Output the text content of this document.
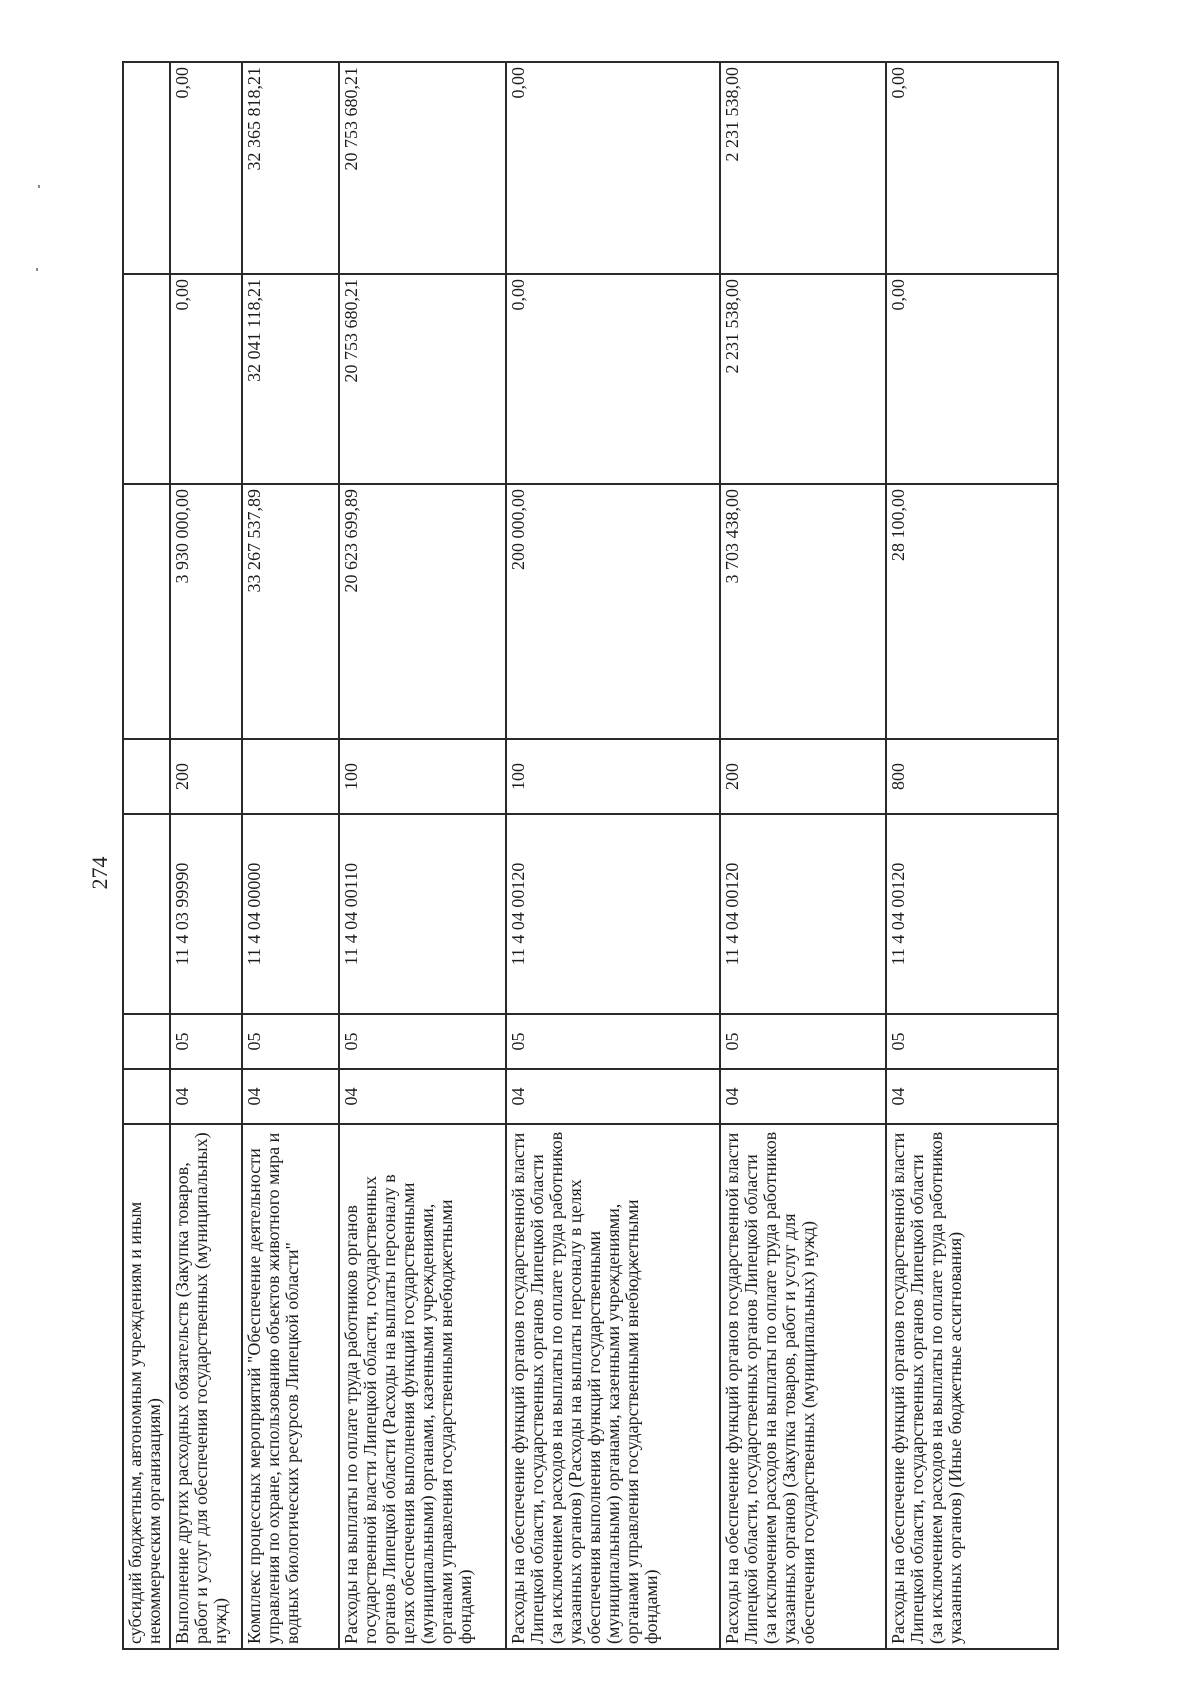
274
субсидий бюджетным, автономным учреждениям и иным некоммерческим организациям)							
Выполнение других расходных обязательств (Закупка товаров, работ и услуг для обеспечения государственных (муниципальных) нужд)	04	05	11 4 03 99990	200	3 930 000,00	0,00	0,00
Комплекс процессных мероприятий "Обеспечение деятельности управления по охране, использованию объектов животного мира и водных биологических ресурсов Липецкой области"	04	05	11 4 04 00000		33 267 537,89	32 041 118,21	32 365 818,21
Расходы на выплаты по оплате труда работников органов государственной власти Липецкой области, государственных органов Липецкой области (Расходы на выплаты персоналу в целях обеспечения выполнения функций государственными (муниципальными) органами, казенными учреждениями, органами управления государственными внебюджетными фондами)	04	05	11 4 04 00110	100	20 623 699,89	20 753 680,21	20 753 680,21
Расходы на обеспечение функций органов государственной власти Липецкой области, государственных органов Липецкой области (за исключением расходов на выплаты по оплате труда работников указанных органов) (Расходы на выплаты персоналу в целях обеспечения выполнения функций государственными (муниципальными) органами, казенными учреждениями, органами управления государственными внебюджетными фондами)	04	05	11 4 04 00120	100	200 000,00	0,00	0,00
Расходы на обеспечение функций органов государственной власти Липецкой области, государственных органов Липецкой области (за исключением расходов на выплаты по оплате труда работников указанных органов) (Закупка товаров, работ и услуг для обеспечения государственных (муниципальных) нужд)	04	05	11 4 04 00120	200	3 703 438,00	2 231 538,00	2 231 538,00
Расходы на обеспечение функций органов государственной власти Липецкой области, государственных органов Липецкой области (за исключением расходов на выплаты по оплате труда работников указанных органов) (Иные бюджетные ассигнования)	04	05	11 4 04 00120	800	28 100,00	0,00	0,00
